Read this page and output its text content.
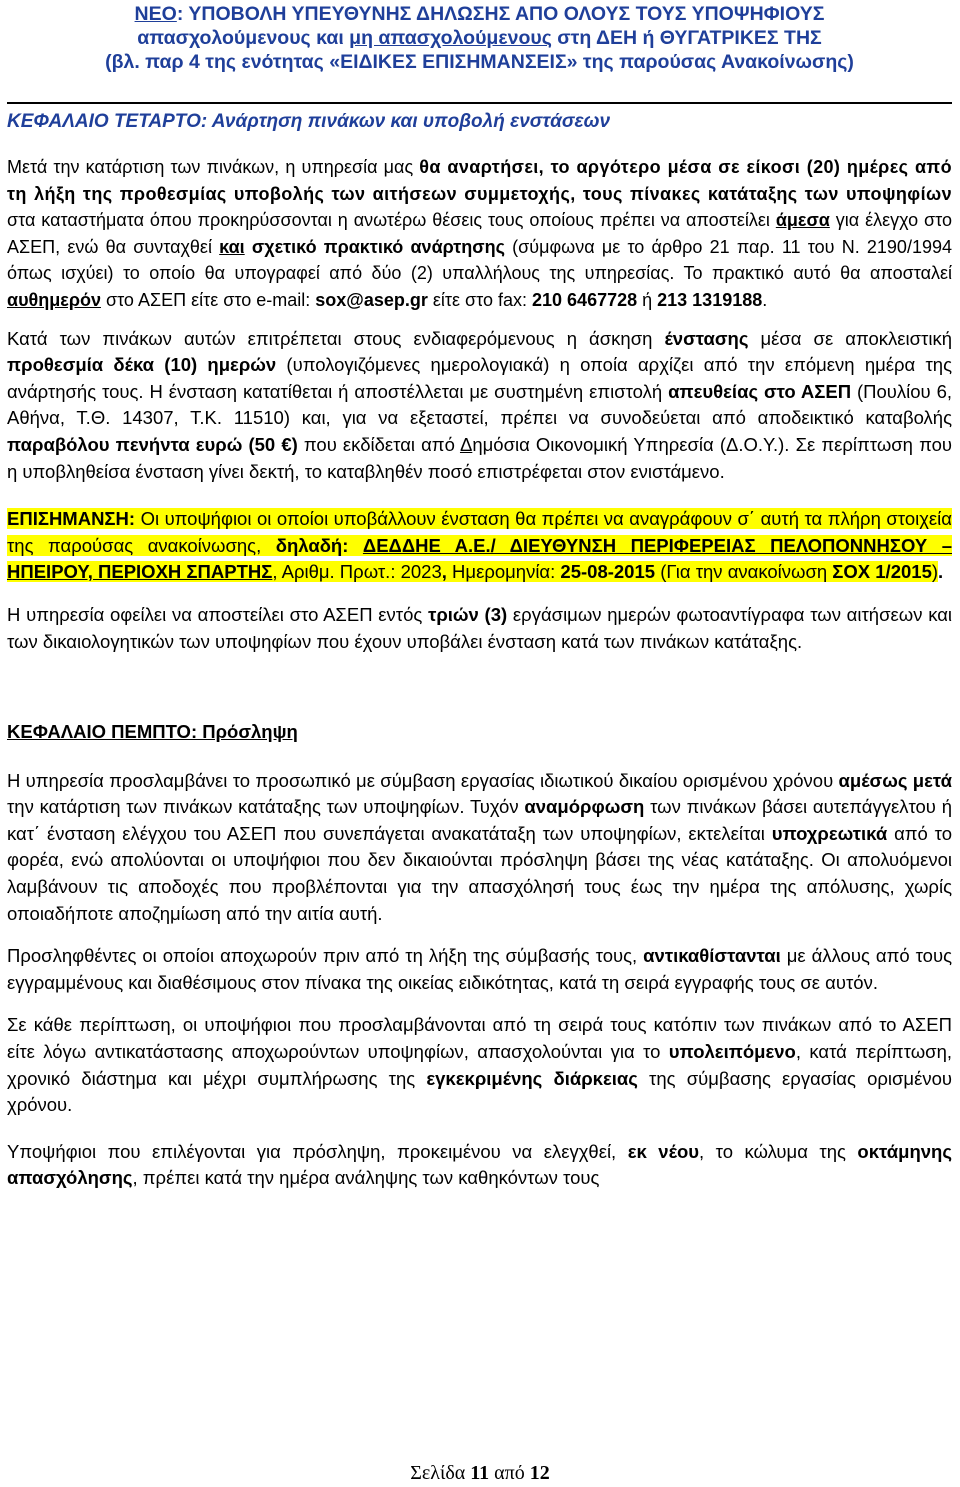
ΝΕΟ: ΥΠΟΒΟΛΗ ΥΠΕΥΘΥΝΗΣ ΔΗΛΩΣΗΣ ΑΠΟ ΟΛΟΥΣ ΤΟΥΣ ΥΠΟΨΗΦΙΟΥΣ
απασχολούμενους και μη απασχολούμενους στη ΔΕΗ ή ΘΥΓΑΤΡΙΚΕΣ ΤΗΣ
(βλ. παρ 4 της ενότητας «ΕΙΔΙΚΕΣ ΕΠΙΣΗΜΑΝΣΕΙΣ» της παρούσας Ανακοίνωσης)
ΚΕΦΑΛΑΙΟ ΤΕΤΑΡΤΟ: Ανάρτηση πινάκων και υποβολή ενστάσεων

Μετά την κατάρτιση των πινάκων, η υπηρεσία μας θα αναρτήσει, το αργότερο μέσα σε είκοσι (20) ημέρες από τη λήξη της προθεσμίας υποβολής των αιτήσεων συμμετοχής, τους πίνακες κατάταξης των υποψηφίων στα καταστήματα όπου προκηρύσσονται η ανωτέρω θέσεις τους οποίους πρέπει να αποστείλει άμεσα για έλεγχο στο ΑΣΕΠ, ενώ θα συνταχθεί και σχετικό πρακτικό ανάρτησης (σύμφωνα με το άρθρο 21 παρ. 11 του Ν. 2190/1994 όπως ισχύει) το οποίο θα υπογραφεί από δύο (2) υπαλλήλους της υπηρεσίας. Το πρακτικό αυτό θα αποσταλεί αυθημερόν στο ΑΣΕΠ είτε στο e-mail: sox@asep.gr είτε στο fax: 210 6467728 ή 213 1319188.

Κατά των πινάκων αυτών επιτρέπεται στους ενδιαφερόμενους η άσκηση ένστασης μέσα σε αποκλειστική προθεσμία δέκα (10) ημερών (υπολογιζόμενες ημερολογιακά) η οποία αρχίζει από την επόμενη ημέρα της ανάρτησής τους. Η ένσταση κατατίθεται ή αποστέλλεται με συστημένη επιστολή απευθείας στο ΑΣΕΠ (Πουλίου 6, Αθήνα, Τ.Θ. 14307, Τ.Κ. 11510) και, για να εξεταστεί, πρέπει να συνοδεύεται από αποδεικτικό καταβολής παραβόλου πενήντα ευρώ (50 €) που εκδίδεται από Δημόσια Οικονομική Υπηρεσία (Δ.Ο.Υ.). Σε περίπτωση που η υποβληθείσα ένσταση γίνει δεκτή, το καταβληθέν ποσό επιστρέφεται στον ενιστάμενο.

ΕΠΙΣΗΜΑΝΣΗ: Οι υποψήφιοι οι οποίοι υποβάλλουν ένσταση θα πρέπει να αναγράφουν σ΄ αυτή τα πλήρη στοιχεία της παρούσας ανακοίνωσης, δηλαδή: ΔΕΔΔΗΕ Α.Ε./ ΔΙΕΥΘΥΝΣΗ ΠΕΡΙΦΕΡΕΙΑΣ ΠΕΛΟΠΟΝΝΗΣΟΥ – ΗΠΕΙΡΟΥ, ΠΕΡΙΟΧΗ ΣΠΑΡΤΗΣ, Αριθμ. Πρωτ.: 2023, Ημερομηνία: 25-08-2015 (Για την ανακοίνωση ΣΟΧ 1/2015).

Η υπηρεσία οφείλει να αποστείλει στο ΑΣΕΠ εντός τριών (3) εργάσιμων ημερών φωτοαντίγραφα των αιτήσεων και των δικαιολογητικών των υποψηφίων που έχουν υποβάλει ένσταση κατά των πινάκων κατάταξης.

ΚΕΦΑΛΑΙΟ ΠΕΜΠΤΟ: Πρόσληψη

Η υπηρεσία προσλαμβάνει το προσωπικό με σύμβαση εργασίας ιδιωτικού δικαίου ορισμένου χρόνου αμέσως μετά την κατάρτιση των πινάκων κατάταξης των υποψηφίων. Τυχόν αναμόρφωση των πινάκων βάσει αυτεπάγγελτου ή κατ΄ ένσταση ελέγχου του ΑΣΕΠ που συνεπάγεται ανακατάταξη των υποψηφίων, εκτελείται υποχρεωτικά από το φορέα, ενώ απολύονται οι υποψήφιοι που δεν δικαιούνται πρόσληψη βάσει της νέας κατάταξης. Οι απολυόμενοι λαμβάνουν τις αποδοχές που προβλέπονται για την απασχόλησή τους έως την ημέρα της απόλυσης, χωρίς οποιαδήποτε αποζημίωση από την αιτία αυτή.

Προσληφθέντες οι οποίοι αποχωρούν πριν από τη λήξη της σύμβασής τους, αντικαθίστανται με άλλους από τους εγγραμμένους και διαθέσιμους στον πίνακα της οικείας ειδικότητας, κατά τη σειρά εγγραφής τους σε αυτόν.

Σε κάθε περίπτωση, οι υποψήφιοι που προσλαμβάνονται από τη σειρά τους κατόπιν των πινάκων από το ΑΣΕΠ είτε λόγω αντικατάστασης αποχωρούντων υποψηφίων, απασχολούνται για το υπολειπόμενο, κατά περίπτωση, χρονικό διάστημα και μέχρι συμπλήρωσης της εγκεκριμένης διάρκειας της σύμβασης εργασίας ορισμένου χρόνου.

Υποψήφιοι που επιλέγονται για πρόσληψη, προκειμένου να ελεγχθεί, εκ νέου, το κώλυμα της οκτάμηνης απασχόλησης, πρέπει κατά την ημέρα ανάληψης των καθηκόντων τους

Σελίδα 11 από 12
